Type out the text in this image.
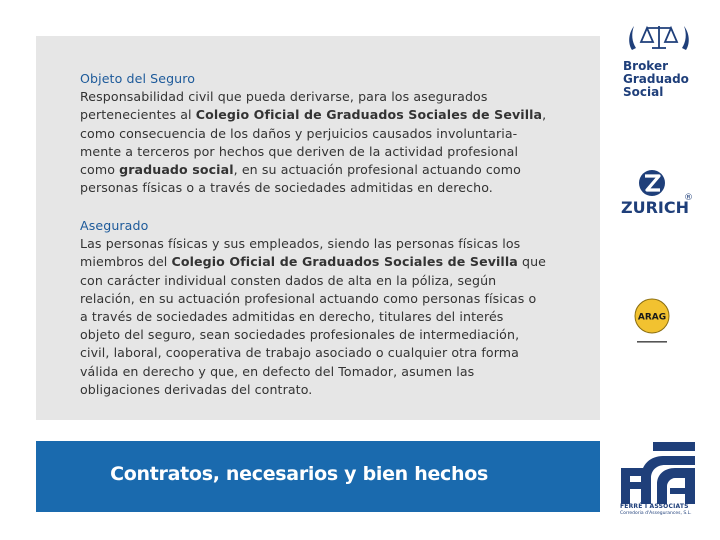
Objeto del Seguro
Responsabilidad civil que pueda derivarse, para los asegurados
pertenecientes al Colegio Oficial de Graduados Sociales de Sevilla,
como consecuencia de los daños y perjuicios causados involuntaria-
mente a terceros por hechos que deriven de la actividad profesional
como graduado social, en su actuación profesional actuando como
personas físicas o a través de sociedades admitidas en derecho.
Asegurado
Las personas físicas y sus empleados, siendo las personas físicas los
miembros del Colegio Oficial de Graduados Sociales de Sevilla que
con carácter individual consten dados de alta en la póliza, según
relación, en su actuación profesional actuando como personas físicas o
a través de sociedades admitidas en derecho, titulares del interés
objeto del seguro, sean sociedades profesionales de intermediación,
civil, laboral, cooperativa de trabajo asociado o cualquier otra forma
válida en derecho y que, en defecto del Tomador, asumen las
obligaciones derivadas del contrato.
Contratos, necesarios y bien hechos
Broker
Graduado
Social
ZURICH
®
ARAG
FERRÉ I ASSOCIATS
Corredoria d'Assegurances, S.L.
